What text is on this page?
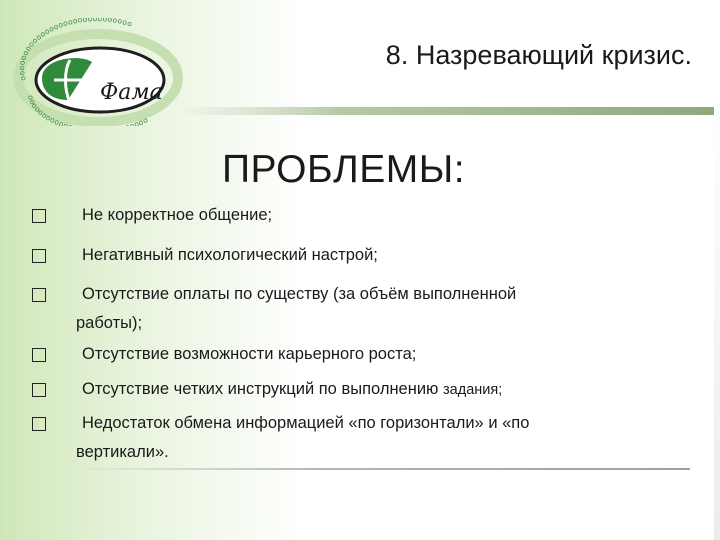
ооооооооооооооооооооооооооооо
ооооооооооо оооо
Фама
8. Назревающий кризис.
ПРОБЛЕМЫ:
Не корректное общение;
Негативный психологический настрой;
Отсутствие оплаты по существу (за объём выполненной
работы);
Отсутствие возможности карьерного роста;
Отсутствие четких инструкций по выполнению задания;
Недостаток обмена информацией «по горизонтали» и «по
вертикали».
